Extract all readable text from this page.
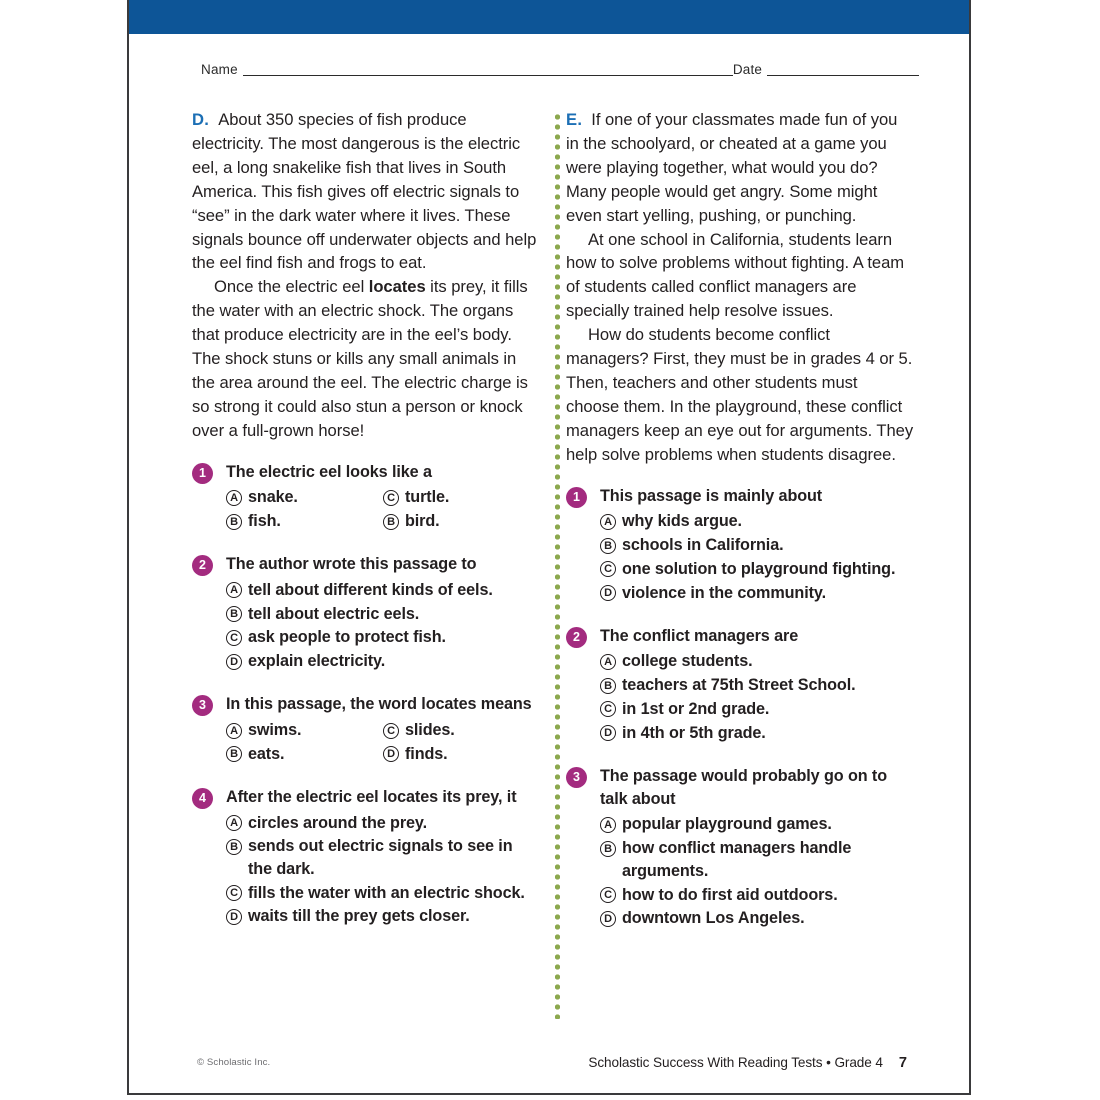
Name	Date

D. About 350 species of fish produce electricity. The most dangerous is the electric eel, a long snakelike fish that lives in South America. This fish gives off electric signals to “see” in the dark water where it lives. These signals bounce off underwater objects and help the eel find fish and frogs to eat.

Once the electric eel locates its prey, it fills the water with an electric shock. The organs that produce electricity are in the eel’s body. The shock stuns or kills any small animals in the area around the eel. The electric charge is so strong it could also stun a person or knock over a full-grown horse!

1	The electric eel looks like a
A snake.	C turtle.
B fish.	B bird.
2	The author wrote this passage to
A tell about different kinds of eels.
B tell about electric eels.
C ask people to protect fish.
D explain electricity.
3	In this passage, the word locates means
A swims.	C slides.
B eats.	D finds.
4	After the electric eel locates its prey, it
A circles around the prey.
B sends out electric signals to see in the dark.
C fills the water with an electric shock.
D waits till the prey gets closer.

E. If one of your classmates made fun of you in the schoolyard, or cheated at a game you were playing together, what would you do? Many people would get angry. Some might even start yelling, pushing, or punching.

At one school in California, students learn how to solve problems without fighting. A team of students called conflict managers are specially trained help resolve issues.

How do students become conflict managers? First, they must be in grades 4 or 5. Then, teachers and other students must choose them. In the playground, these conflict managers keep an eye out for arguments. They help solve problems when students disagree.

1	This passage is mainly about
A why kids argue.
B schools in California.
C one solution to playground fighting.
D violence in the community.
2	The conflict managers are
A college students.
B teachers at 75th Street School.
C in 1st or 2nd grade.
D in 4th or 5th grade.
3	The passage would probably go on to talk about
A popular playground games.
B how conflict managers handle arguments.
C how to do first aid outdoors.
D downtown Los Angeles.
© Scholastic Inc.	Scholastic Success With Reading Tests • Grade 4 7
